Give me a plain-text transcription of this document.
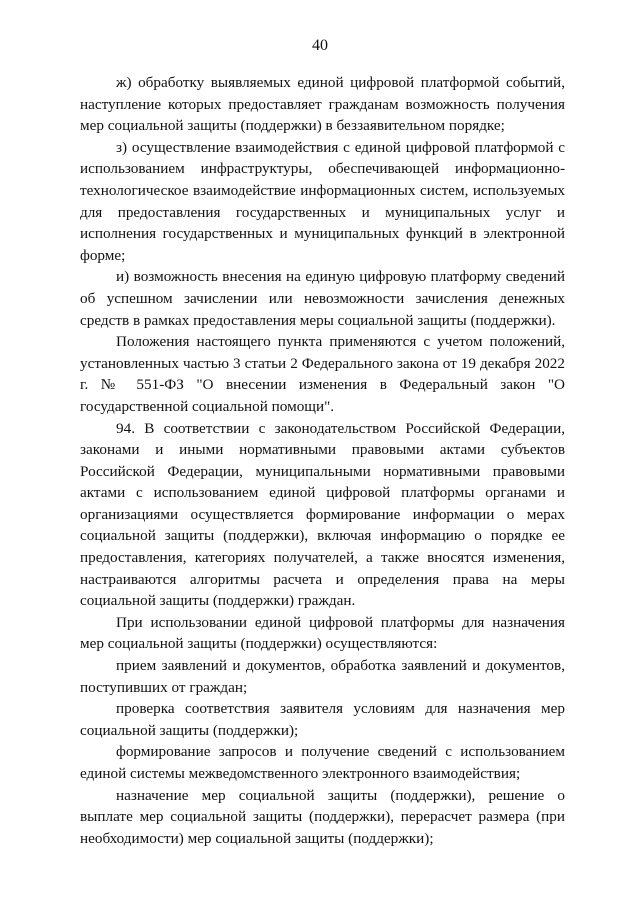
40

ж) обработку выявляемых единой цифровой платформой событий, наступление которых предоставляет гражданам возможность получения мер социальной защиты (поддержки) в беззаявительном порядке;

з) осуществление взаимодействия с единой цифровой платформой с использованием инфраструктуры, обеспечивающей информационно-технологическое взаимодействие информационных систем, используемых для предоставления государственных и муниципальных услуг и исполнения государственных и муниципальных функций в электронной форме;

и) возможность внесения на единую цифровую платформу сведений об успешном зачислении или невозможности зачисления денежных средств в рамках предоставления меры социальной защиты (поддержки).

Положения настоящего пункта применяются с учетом положений, установленных частью 3 статьи 2 Федерального закона от 19 декабря 2022 г. № 551-ФЗ "О внесении изменения в Федеральный закон "О государственной социальной помощи".

94. В соответствии с законодательством Российской Федерации, законами и иными нормативными правовыми актами субъектов Российской Федерации, муниципальными нормативными правовыми актами с использованием единой цифровой платформы органами и организациями осуществляется формирование информации о мерах социальной защиты (поддержки), включая информацию о порядке ее предоставления, категориях получателей, а также вносятся изменения, настраиваются алгоритмы расчета и определения права на меры социальной защиты (поддержки) граждан.

При использовании единой цифровой платформы для назначения мер социальной защиты (поддержки) осуществляются:

прием заявлений и документов, обработка заявлений и документов, поступивших от граждан;

проверка соответствия заявителя условиям для назначения мер социальной защиты (поддержки);

формирование запросов и получение сведений с использованием единой системы межведомственного электронного взаимодействия;

назначение мер социальной защиты (поддержки), решение о выплате мер социальной защиты (поддержки), перерасчет размера (при необходимости) мер социальной защиты (поддержки);
